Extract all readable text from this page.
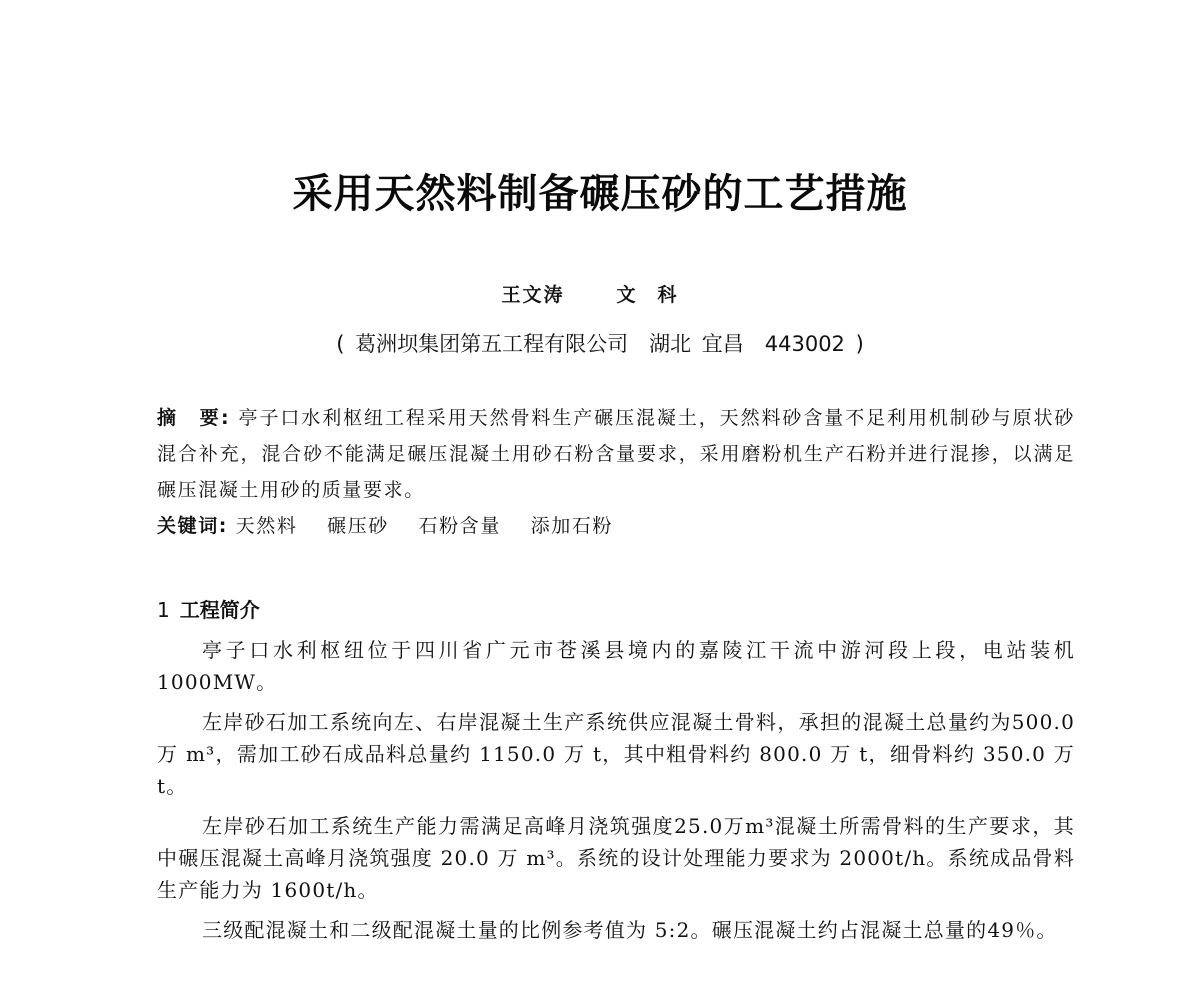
采用天然料制备碾压砂的工艺措施
王文涛	文科
( 葛洲坝集团第五工程有限公司　湖北 宜昌　443002 )
摘　要: 亭子口水利枢纽工程采用天然骨料生产碾压混凝土，天然料砂含量不足利用机制砂与原状砂混合补充，混合砂不能满足碾压混凝土用砂石粉含量要求，采用磨粉机生产石粉并进行混掺，以满足碾压混凝土用砂的质量要求。
关键词: 天然料 碾压砂 石粉含量 添加石粉
1 工程简介

亭子口水利枢纽位于四川省广元市苍溪县境内的嘉陵江干流中游河段上段，电站装机1000MW。

左岸砂石加工系统向左、右岸混凝土生产系统供应混凝土骨料，承担的混凝土总量约为500.0 万 m³，需加工砂石成品料总量约 1150.0 万 t，其中粗骨料约 800.0 万 t，细骨料约 350.0 万 t。

左岸砂石加工系统生产能力需满足高峰月浇筑强度25.0万m³混凝土所需骨料的生产要求，其中碾压混凝土高峰月浇筑强度 20.0 万 m³。系统的设计处理能力要求为 2000t/h。系统成品骨料生产能力为 1600t/h。

三级配混凝土和二级配混凝土量的比例参考值为 5:2。碾压混凝土约占混凝土总量的49％。
